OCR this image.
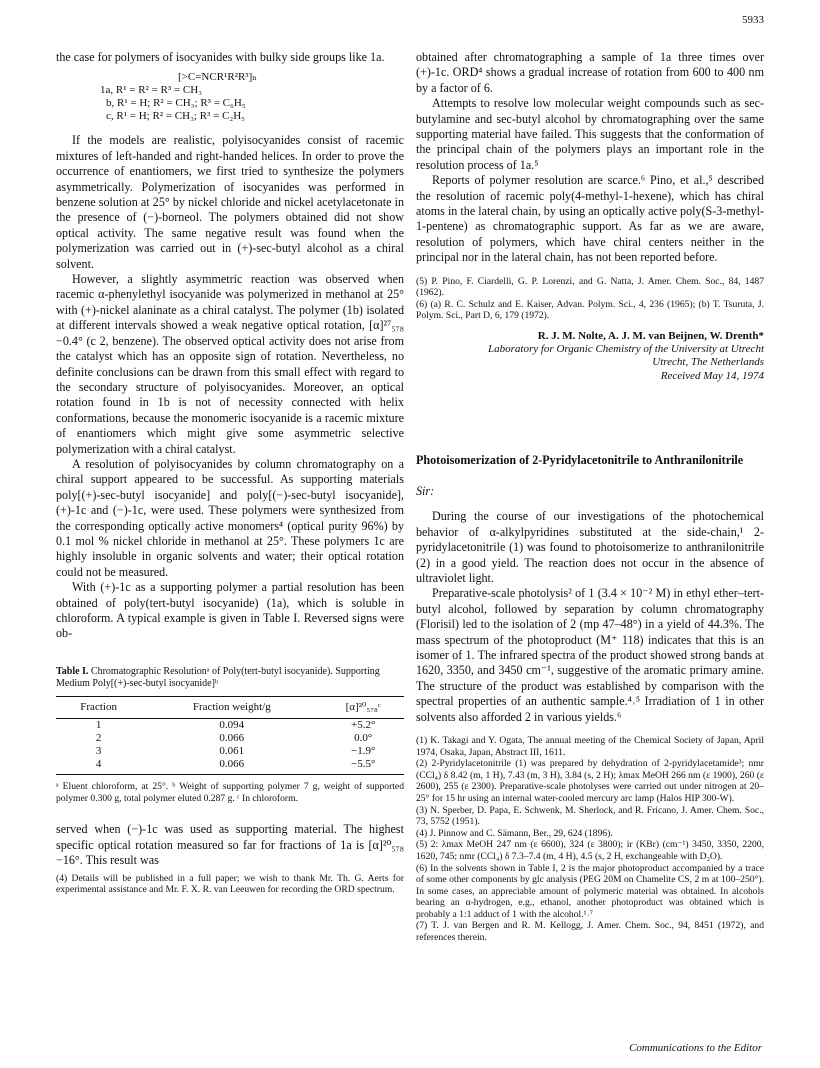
5933

the case for polymers of isocyanides with bulky side groups like 1a.

[>C=NCR¹R²R³]ₙ
1a, R¹ = R² = R³ = CH₃
b, R¹ = H; R² = CH₃; R³ = C₆H₅
c, R¹ = H; R² = CH₃; R³ = C₂H₅

If the models are realistic, polyisocyanides consist of racemic mixtures of left-handed and right-handed helices. In order to prove the occurrence of enantiomers, we first tried to synthesize the polymers asymmetrically. Polymerization of isocyanides was performed in benzene solution at 25° by nickel chloride and nickel acetylacetonate in the presence of (−)-borneol. The polymers obtained did not show optical activity. The same negative result was found when the polymerization was carried out in (+)-sec-butyl alcohol as a chiral solvent.

However, a slightly asymmetric reaction was observed when racemic α-phenylethyl isocyanide was polymerized in methanol at 25° with (+)-nickel alaninate as a chiral catalyst. The polymer (1b) isolated at different intervals showed a weak negative optical rotation, [α]²⁷₅₇₈ −0.4° (c 2, benzene). The observed optical activity does not arise from the catalyst which has an opposite sign of rotation. Nevertheless, no definite conclusions can be drawn from this small effect with regard to the secondary structure of polyisocyanides. Moreover, an optical rotation found in 1b is not of necessity connected with helix conformations, because the monomeric isocyanide is a racemic mixture of enantiomers which might give some asymmetric selective polymerization with a chiral catalyst.

A resolution of polyisocyanides by column chromatography on a chiral support appeared to be successful. As supporting materials poly[(+)-sec-butyl isocyanide] and poly[(−)-sec-butyl isocyanide], (+)-1c and (−)-1c, were used. These polymers were synthesized from the corresponding optically active monomers⁴ (optical purity 96%) by 0.1 mol % nickel chloride in methanol at 25°. These polymers 1c are highly insoluble in organic solvents and water; their optical rotation could not be measured.

With (+)-1c as a supporting polymer a partial resolution has been obtained of poly(tert-butyl isocyanide) (1a), which is soluble in chloroform. A typical example is given in Table I. Reversed signs were ob-

Table I. Chromatographic Resolutionᵃ of Poly(tert-butyl isocyanide). Supporting Medium Poly[(+)-sec-butyl isocyanide]ᵇ
Fraction	Fraction weight/g	[α]²⁰₅₇₈ᶜ
1	0.094	+5.2°
2	0.066	0.0°
3	0.061	−1.9°
4	0.066	−5.5°

ᵃ Eluent chloroform, at 25°. ᵇ Weight of supporting polymer 7 g, weight of supported polymer 0.300 g, total polymer eluted 0.287 g. ᶜ In chloroform.

served when (−)-1c was used as supporting material. The highest specific optical rotation measured so far for fractions of 1a is [α]²⁰₅₇₈ −16°. This result was

(4) Details will be published in a full paper; we wish to thank Mr. Th. G. Aerts for experimental assistance and Mr. F. X. R. van Leeuwen for recording the ORD spectrum.

obtained after chromatographing a sample of 1a three times over (+)-1c. ORD⁴ shows a gradual increase of rotation from 600 to 400 nm by a factor of 6.

Attempts to resolve low molecular weight compounds such as sec-butylamine and sec-butyl alcohol by chromatographing over the same supporting material have failed. This suggests that the conformation of the principal chain of the polymers plays an important role in the resolution process of 1a.⁵

Reports of polymer resolution are scarce.⁶ Pino, et al.,⁵ described the resolution of racemic poly(4-methyl-1-hexene), which has chiral atoms in the lateral chain, by using an optically active poly(S-3-methyl-1-pentene) as chromatographic support. As far as we are aware, resolution of polymers, which have chiral centers neither in the principal nor in the lateral chain, has not been reported before.

(5) P. Pino, F. Ciardelli, G. P. Lorenzi, and G. Natta, J. Amer. Chem. Soc., 84, 1487 (1962).

(6) (a) R. C. Schulz and E. Kaiser, Advan. Polym. Sci., 4, 236 (1965); (b) T. Tsuruta, J. Polym. Sci., Part D, 6, 179 (1972).

R. J. M. Nolte, A. J. M. van Beijnen, W. Drenth*
Laboratory for Organic Chemistry of the University at Utrecht
Utrecht, The Netherlands
Received May 14, 1974
Photoisomerization of 2-Pyridylacetonitrile to Anthranilonitrile
Sir:

During the course of our investigations of the photochemical behavior of α-alkylpyridines substituted at the side-chain,¹ 2-pyridylacetonitrile (1) was found to photoisomerize to anthranilonitrile (2) in a good yield. The reaction does not occur in the absence of ultraviolet light.

Preparative-scale photolysis² of 1 (3.4 × 10⁻² M) in ethyl ether–tert-butyl alcohol, followed by separation by column chromatography (Florisil) led to the isolation of 2 (mp 47–48°) in a yield of 44.3%. The mass spectrum of the photoproduct (M⁺ 118) indicates that this is an isomer of 1. The infrared spectra of the product showed strong bands at 1620, 3350, and 3450 cm⁻¹, suggestive of the aromatic primary amine. The structure of the product was established by comparison with the spectral properties of an authentic sample.⁴˒⁵ Irradiation of 1 in other solvents also afforded 2 in various yields.⁶

(1) K. Takagi and Y. Ogata, The annual meeting of the Chemical Society of Japan, April 1974, Osaka, Japan, Abstract III, 1611.

(2) 2-Pyridylacetonitrile (1) was prepared by dehydration of 2-pyridylacetamide³; nmr (CCl₄) δ 8.42 (m, 1 H), 7.43 (m, 3 H), 3.84 (s, 2 H); λmax MeOH 266 nm (ε 1900), 260 (ε 2600), 255 (ε 2300). Preparative-scale photolyses were carried out under nitrogen at 20–25° for 15 hr using an internal water-cooled mercury arc lamp (Halos HIP 300-W).

(3) N. Sperber, D. Papa, E. Schwenk, M. Sherlock, and R. Fricano, J. Amer. Chem. Soc., 73, 5752 (1951).

(4) J. Pinnow and C. Sämann, Ber., 29, 624 (1896).

(5) 2: λmax MeOH 247 nm (ε 6600), 324 (ε 3800); ir (KBr) (cm⁻¹) 3450, 3350, 2200, 1620, 745; nmr (CCl₄) δ 7.3–7.4 (m, 4 H), 4.5 (s, 2 H, exchangeable with D₂O).

(6) In the solvents shown in Table I, 2 is the major photoproduct accompanied by a trace of some other components by glc analysis (PEG 20M on Chamelite CS, 2 m at 100–250°). In some cases, an appreciable amount of polymeric material was obtained. In alcohols bearing an α-hydrogen, e.g., ethanol, another photoproduct was obtained which is probably a 1:1 adduct of 1 with the alcohol.¹˒⁷

(7) T. J. van Bergen and R. M. Kellogg, J. Amer. Chem. Soc., 94, 8451 (1972), and references therein.

Communications to the Editor
